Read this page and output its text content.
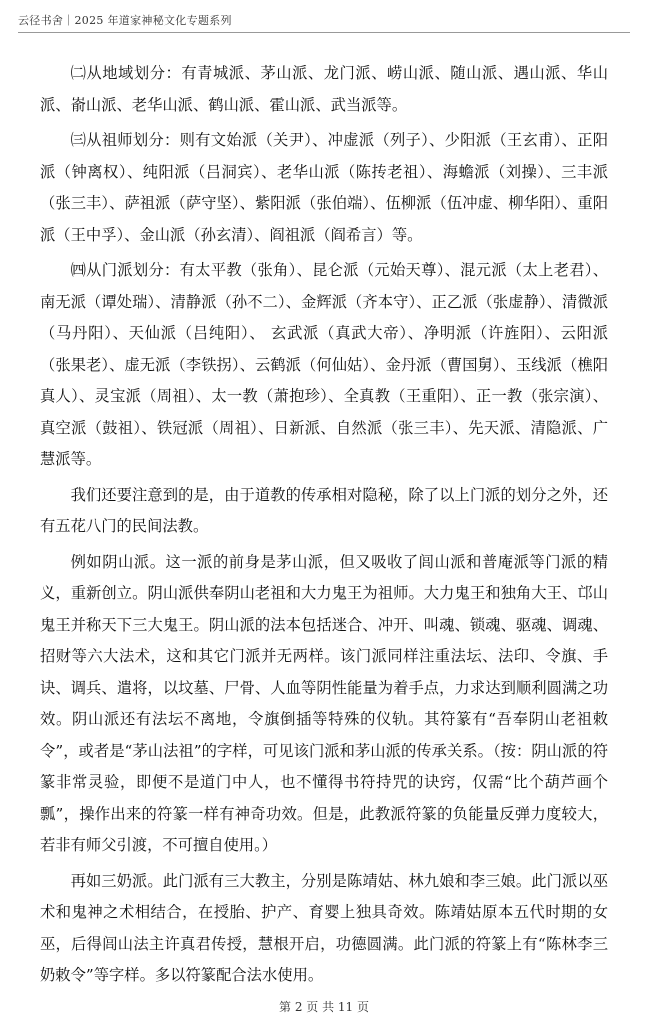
云径书舍｜2025 年道家神秘文化专题系列

㈡从地域划分：有青城派、茅山派、龙门派、崂山派、随山派、遇山派、华山派、嵛山派、老华山派、鹤山派、霍山派、武当派等。

㈢从祖师划分：则有文始派（关尹）、冲虚派（列子）、少阳派（王玄甫）、正阳派（钟离权）、纯阳派（吕洞宾）、老华山派（陈抟老祖）、海蟾派（刘操）、三丰派（张三丰）、萨祖派（萨守坚）、紫阳派（张伯端）、伍柳派（伍冲虚、柳华阳）、重阳派（王中孚）、金山派（孙玄清）、阎祖派（阎希言）等。

㈣从门派划分：有太平教（张角）、昆仑派（元始天尊）、混元派（太上老君）、南无派（谭处瑞）、清静派（孙不二）、金辉派（齐本守）、正乙派（张虚静）、清微派（马丹阳）、天仙派（吕纯阳）、 玄武派（真武大帝）、净明派（许旌阳）、云阳派（张果老）、虚无派（李铁拐）、云鹤派（何仙姑）、金丹派（曹国舅）、玉线派（樵阳真人）、灵宝派（周祖）、太一教（萧抱珍）、全真教（王重阳）、正一教（张宗演）、真空派（鼓祖）、铁冠派（周祖）、日新派、自然派（张三丰）、先天派、清隐派、广慧派等。

我们还要注意到的是，由于道教的传承相对隐秘，除了以上门派的划分之外，还有五花八门的民间法教。

例如阴山派。这一派的前身是茅山派，但又吸收了闾山派和普庵派等门派的精义，重新创立。阴山派供奉阴山老祖和大力鬼王为祖师。大力鬼王和独角大王、邙山鬼王并称天下三大鬼王。阴山派的法本包括迷合、冲开、叫魂、锁魂、驱魂、调魂、招财等六大法术，这和其它门派并无两样。该门派同样注重法坛、法印、令旗、手诀、调兵、遣将，以坟墓、尸骨、人血等阴性能量为着手点，力求达到顺利圆满之功效。阴山派还有法坛不离地，令旗倒插等特殊的仪轨。其符篆有“吾奉阴山老祖敕令”，或者是“茅山法祖”的字样，可见该门派和茅山派的传承关系。（按：阴山派的符篆非常灵验，即便不是道门中人，也不懂得书符持咒的诀窍，仅需“比个葫芦画个瓢”，操作出来的符篆一样有神奇功效。但是，此教派符篆的负能量反弹力度较大，若非有师父引渡，不可擅自使用。）

再如三奶派。此门派有三大教主，分别是陈靖姑、林九娘和李三娘。此门派以巫术和鬼神之术相结合，在授胎、护产、育婴上独具奇效。陈靖姑原本五代时期的女巫，后得闾山法主许真君传授，慧根开启，功德圆满。此门派的符篆上有“陈林李三奶敕令”等字样。多以符篆配合法水使用。

第 2 页 共 11 页
